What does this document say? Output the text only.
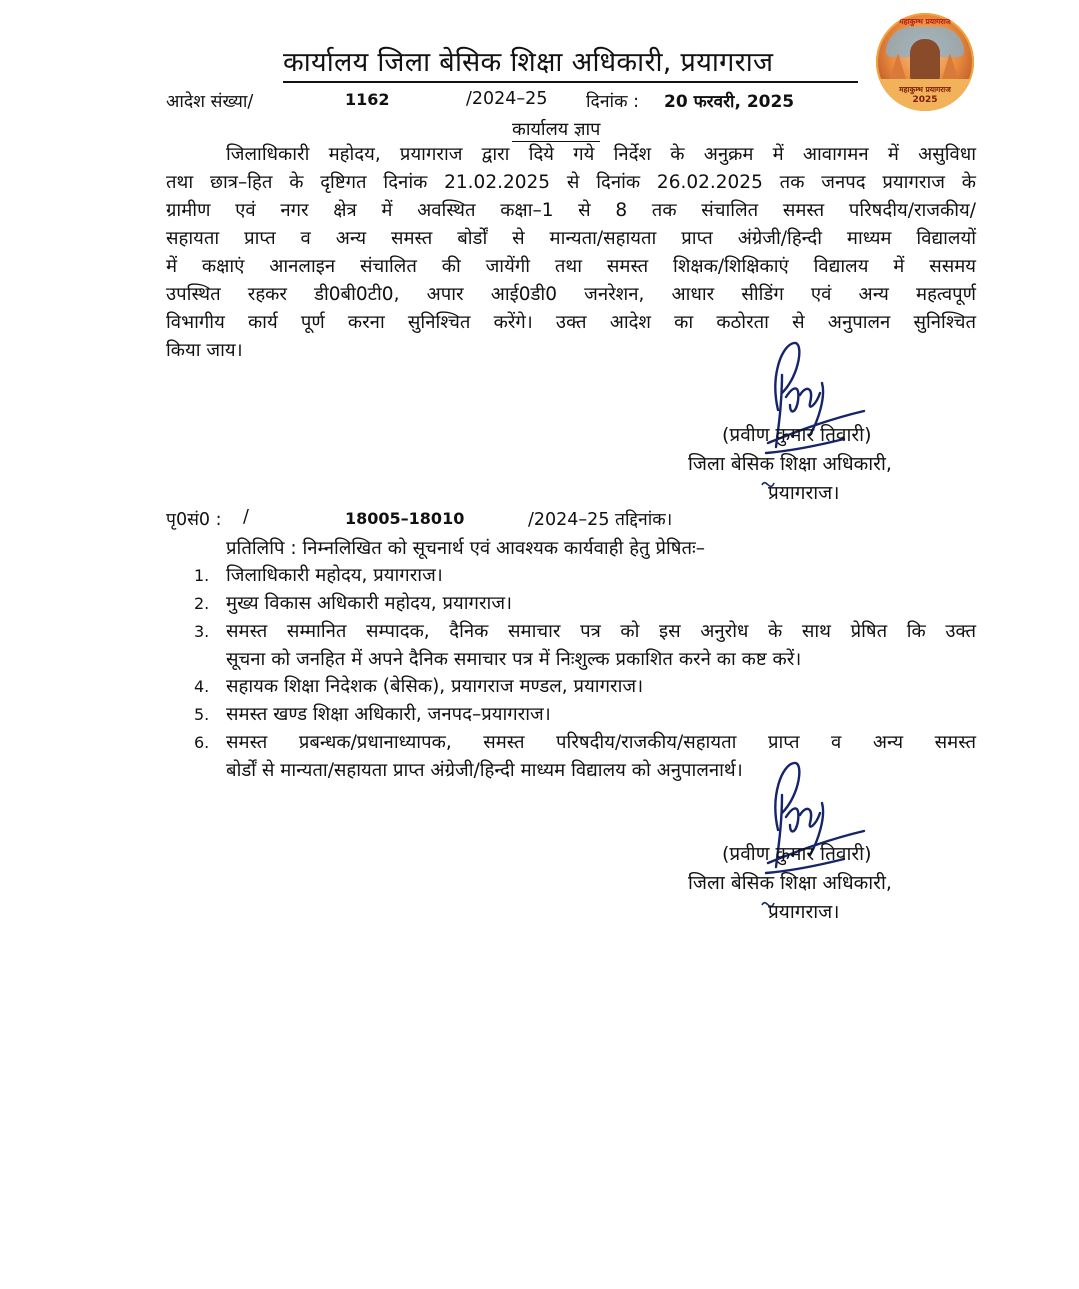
कार्यालय जिला बेसिक शिक्षा अधिकारी, प्रयागराज
महाकुम्भ प्रयागराज
महाकुम्भ प्रयागराज
2025
आदेश संख्या/	1162	/2024–25 दिनांक : 20 फरवरी, 2025
कार्यालय ज्ञाप
जिलाधिकारी महोदय, प्रयागराज द्वारा दिये गये निर्देश के अनुक्रम में आवागमन में असुविधा
तथा छात्र–हित के दृष्टिगत दिनांक 21.02.2025 से दिनांक 26.02.2025 तक जनपद प्रयागराज के
ग्रामीण एवं नगर क्षेत्र में अवस्थित कक्षा–1 से 8 तक संचालित समस्त परिषदीय/राजकीय/
सहायता प्राप्त व अन्य समस्त बोर्डों से मान्यता/सहायता प्राप्त अंग्रेजी/हिन्दी माध्यम विद्यालयों
में कक्षाएं आनलाइन संचालित की जायेंगी तथा समस्त शिक्षक/शिक्षिकाएं विद्यालय में ससमय
उपस्थित रहकर डी0बी0टी0, अपार आई0डी0 जनरेशन, आधार सीडिंग एवं अन्य महत्वपूर्ण
विभागीय कार्य पूर्ण करना सुनिश्चित करेंगे। उक्त आदेश का कठोरता से अनुपालन सुनिश्चित
किया जाय।
(प्रवीण कुमार तिवारी)
जिला बेसिक शिक्षा अधिकारी,
प्रयागराज।
पृ0सं0 : /	18005–18010	/2024–25 तद्दिनांक।
प्रतिलिपि : निम्नलिखित को सूचनार्थ एवं आवश्यक कार्यवाही हेतु प्रेषितः–
1. जिलाधिकारी महोदय, प्रयागराज।
2. मुख्य विकास अधिकारी महोदय, प्रयागराज।
3. समस्त सम्मानित सम्पादक, दैनिक समाचार पत्र को इस अनुरोध के साथ प्रेषित कि उक्त
सूचना को जनहित में अपने दैनिक समाचार पत्र में निःशुल्क प्रकाशित करने का कष्ट करें।
4. सहायक शिक्षा निदेशक (बेसिक), प्रयागराज मण्डल, प्रयागराज।
5. समस्त खण्ड शिक्षा अधिकारी, जनपद–प्रयागराज।
6. समस्त प्रबन्धक/प्रधानाध्यापक, समस्त परिषदीय/राजकीय/सहायता प्राप्त व अन्य समस्त
बोर्डों से मान्यता/सहायता प्राप्त अंग्रेजी/हिन्दी माध्यम विद्यालय को अनुपालनार्थ।
(प्रवीण कुमार तिवारी)
जिला बेसिक शिक्षा अधिकारी,
प्रयागराज।
